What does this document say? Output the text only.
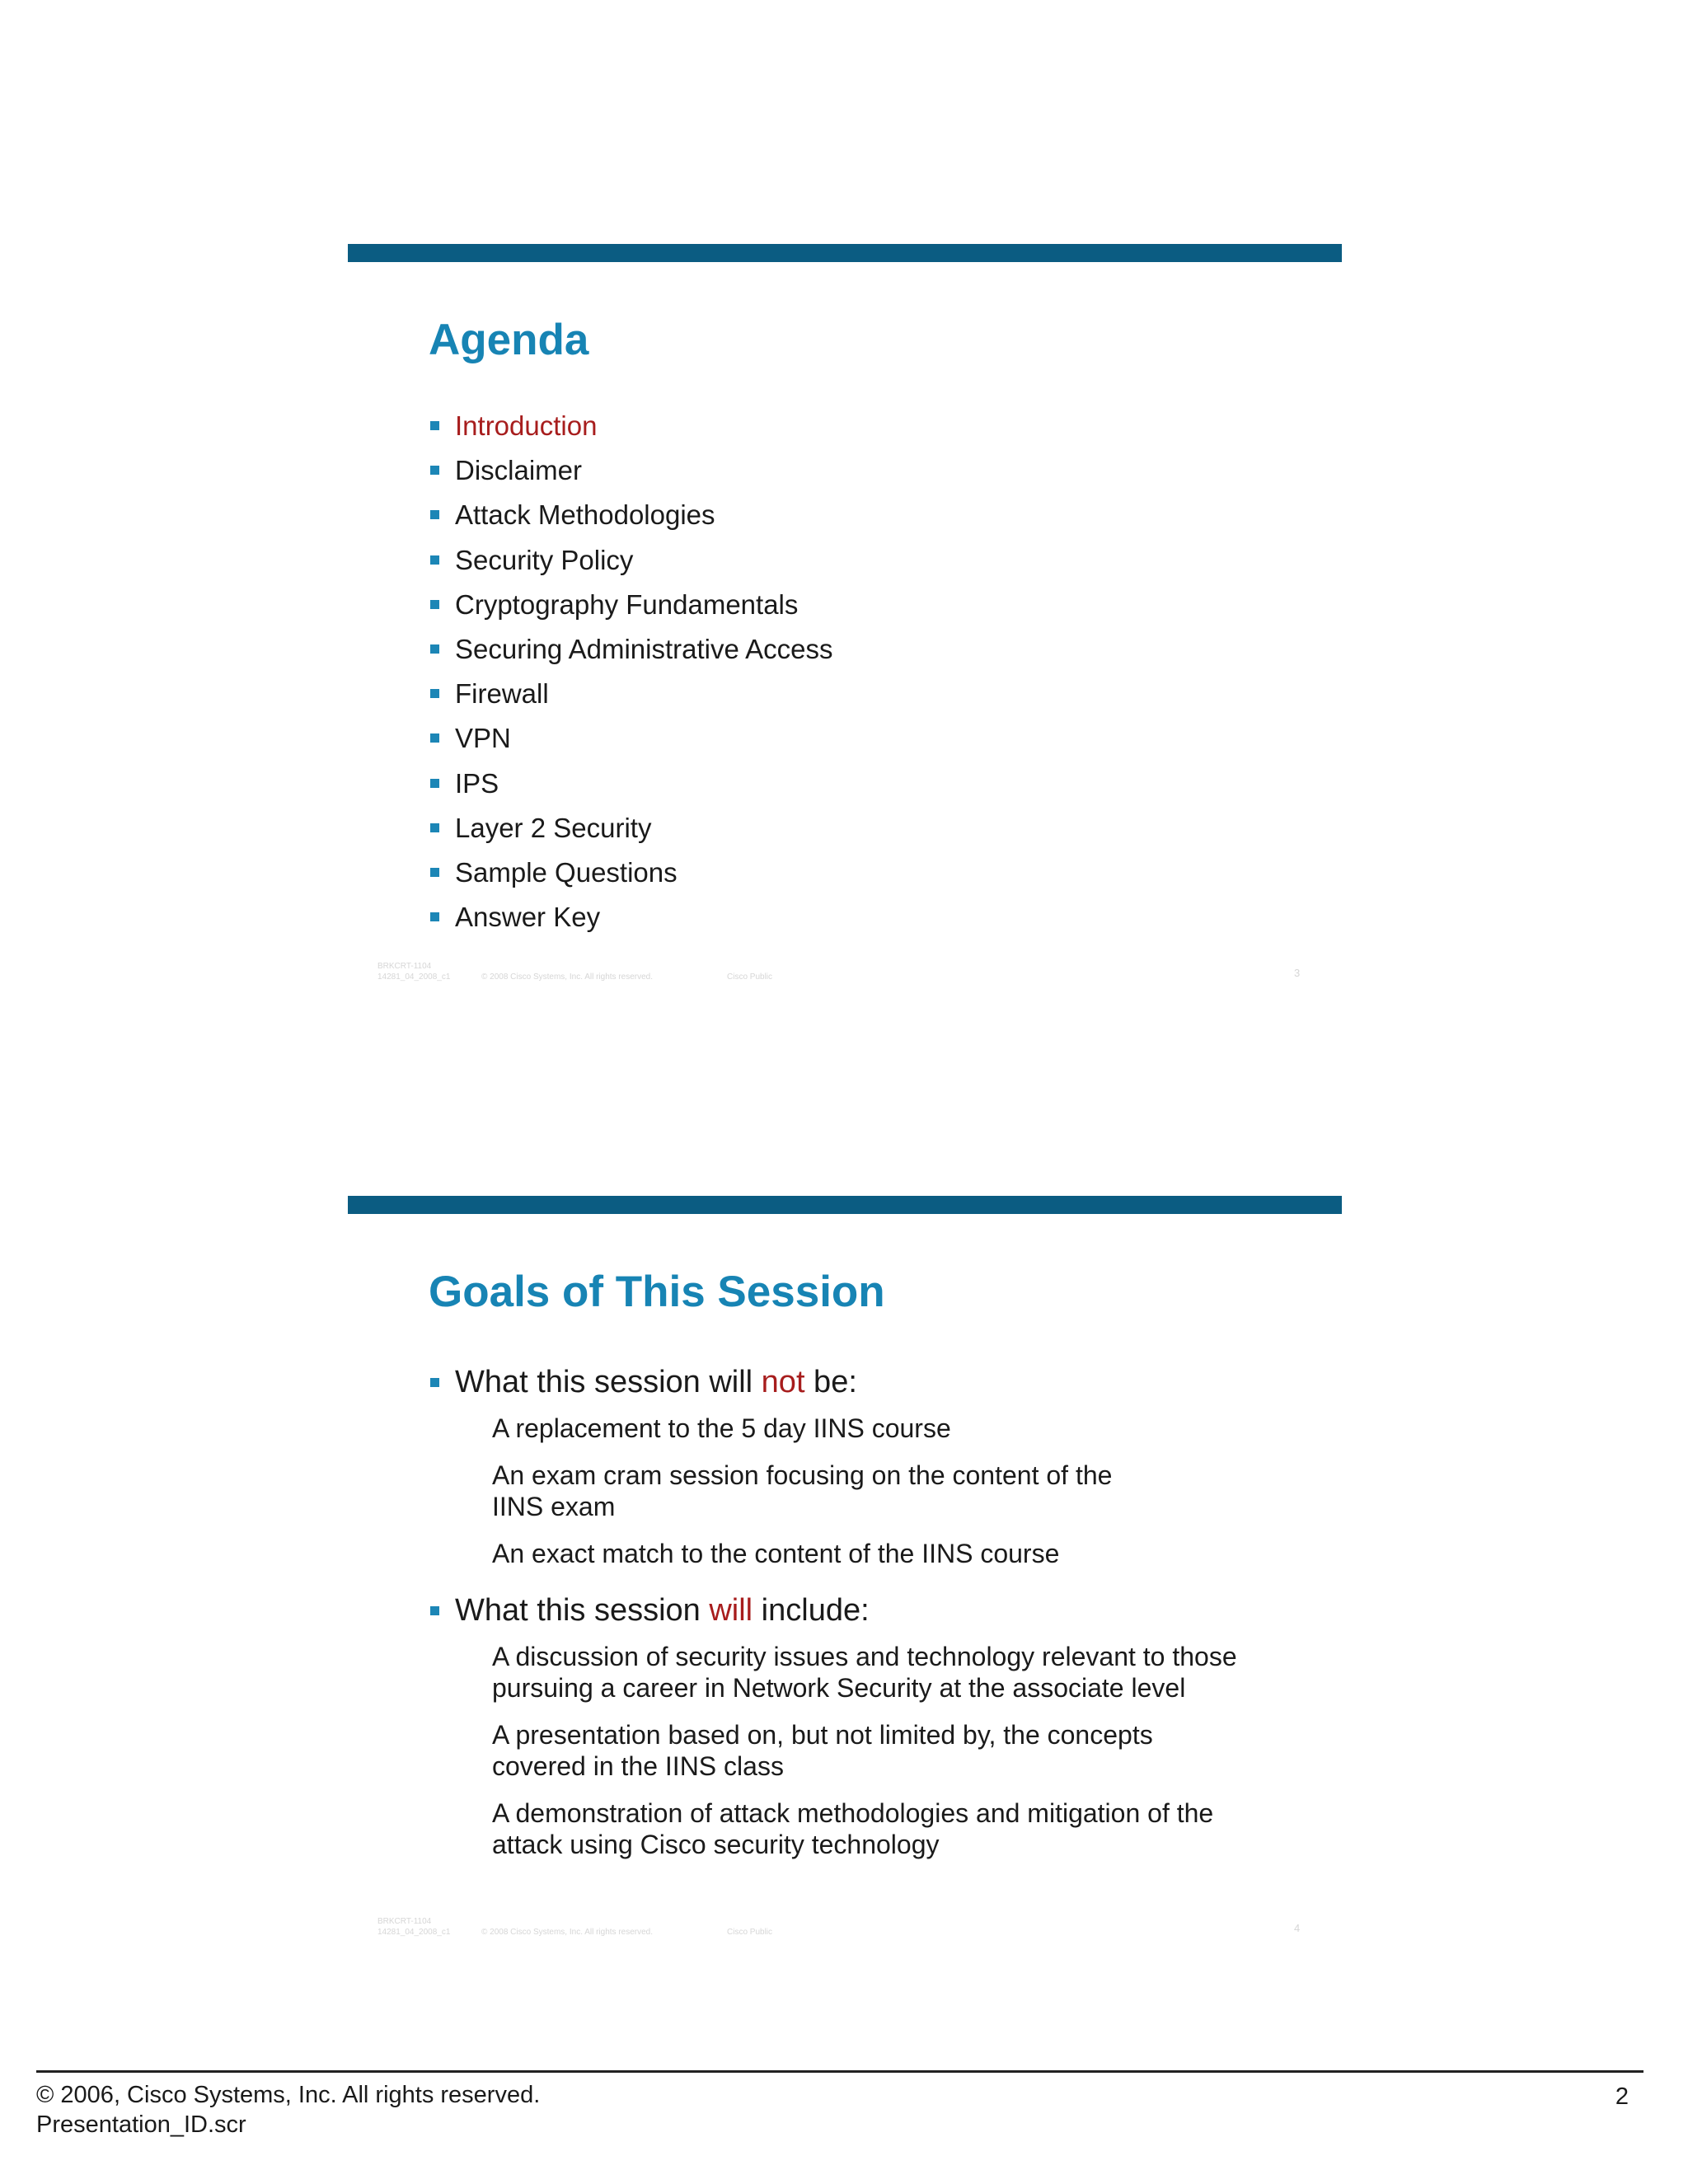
Agenda
Introduction
Disclaimer
Attack Methodologies
Security Policy
Cryptography Fundamentals
Securing Administrative Access
Firewall
VPN
IPS
Layer 2 Security
Sample Questions
Answer Key
BRKCRT-1104
14281_04_2008_c1	© 2008 Cisco Systems, Inc. All rights reserved.	Cisco Public	3
Goals of This Session
What this session will not be:
A replacement to the 5 day IINS course
An exam cram session focusing on the content of the IINS exam
An exact match to the content of the IINS course
What this session will include:
A discussion of security issues and technology relevant to those pursuing a career in Network Security at the associate level
A presentation based on, but not limited by, the concepts covered in the IINS class
A demonstration of attack methodologies and mitigation of the attack using Cisco security technology
BRKCRT-1104
14281_04_2008_c1	© 2008 Cisco Systems, Inc. All rights reserved.	Cisco Public	4
© 2006, Cisco Systems, Inc. All rights reserved.
Presentation_ID.scr
2
